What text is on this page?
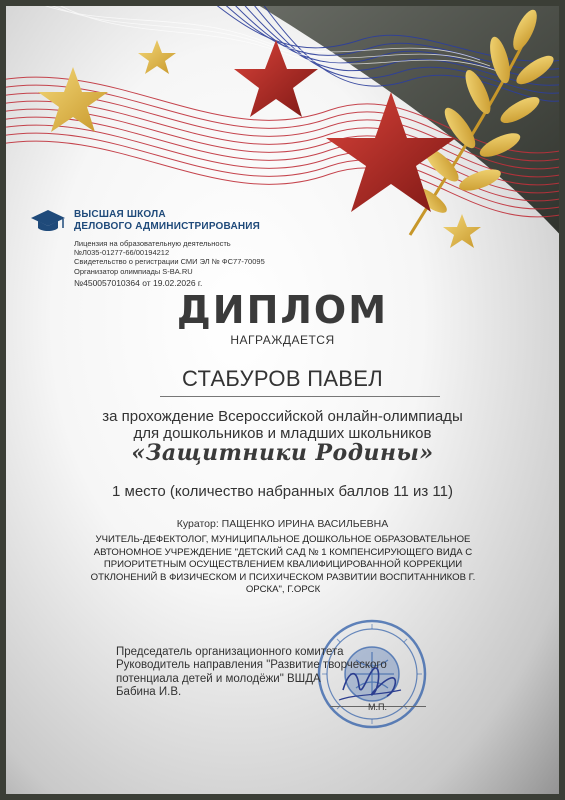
ВЫСШАЯ ШКОЛА
ДЕЛОВОГО АДМИНИСТРИРОВАНИЯ
Лицензия на образовательную деятельность
№Л035-01277-66/00194212
Свидетельство о регистрации СМИ ЭЛ № ФС77-70095
Организатор олимпиады S-BA.RU
№450057010364 от 19.02.2026 г.
ДИПЛОМ
НАГРАЖДАЕТСЯ
СТАБУРОВ ПАВЕЛ
за прохождение Всероссийской онлайн-олимпиады
для дошкольников и младших школьников
«Защитники Родины»
1 место (количество набранных баллов 11 из 11)
Куратор: ПАЩЕНКО ИРИНА ВАСИЛЬЕВНА
УЧИТЕЛЬ-ДЕФЕКТОЛОГ, МУНИЦИПАЛЬНОЕ ДОШКОЛЬНОЕ ОБРАЗОВАТЕЛЬНОЕ АВТОНОМНОЕ УЧРЕЖДЕНИЕ "ДЕТСКИЙ САД № 1 КОМПЕНСИРУЮЩЕГО ВИДА С ПРИОРИТЕТНЫМ ОСУЩЕСТВЛЕНИЕМ КВАЛИФИЦИРОВАННОЙ КОРРЕКЦИИ ОТКЛОНЕНИЙ В ФИЗИЧЕСКОМ И ПСИХИЧЕСКОМ РАЗВИТИИ ВОСПИТАННИКОВ Г. ОРСКА", Г.ОРСК
Председатель организационного комитета
Руководитель направления "Развитие творческого
потенциала детей и молодёжи" ВШДА
Бабина И.В.
М.П.
